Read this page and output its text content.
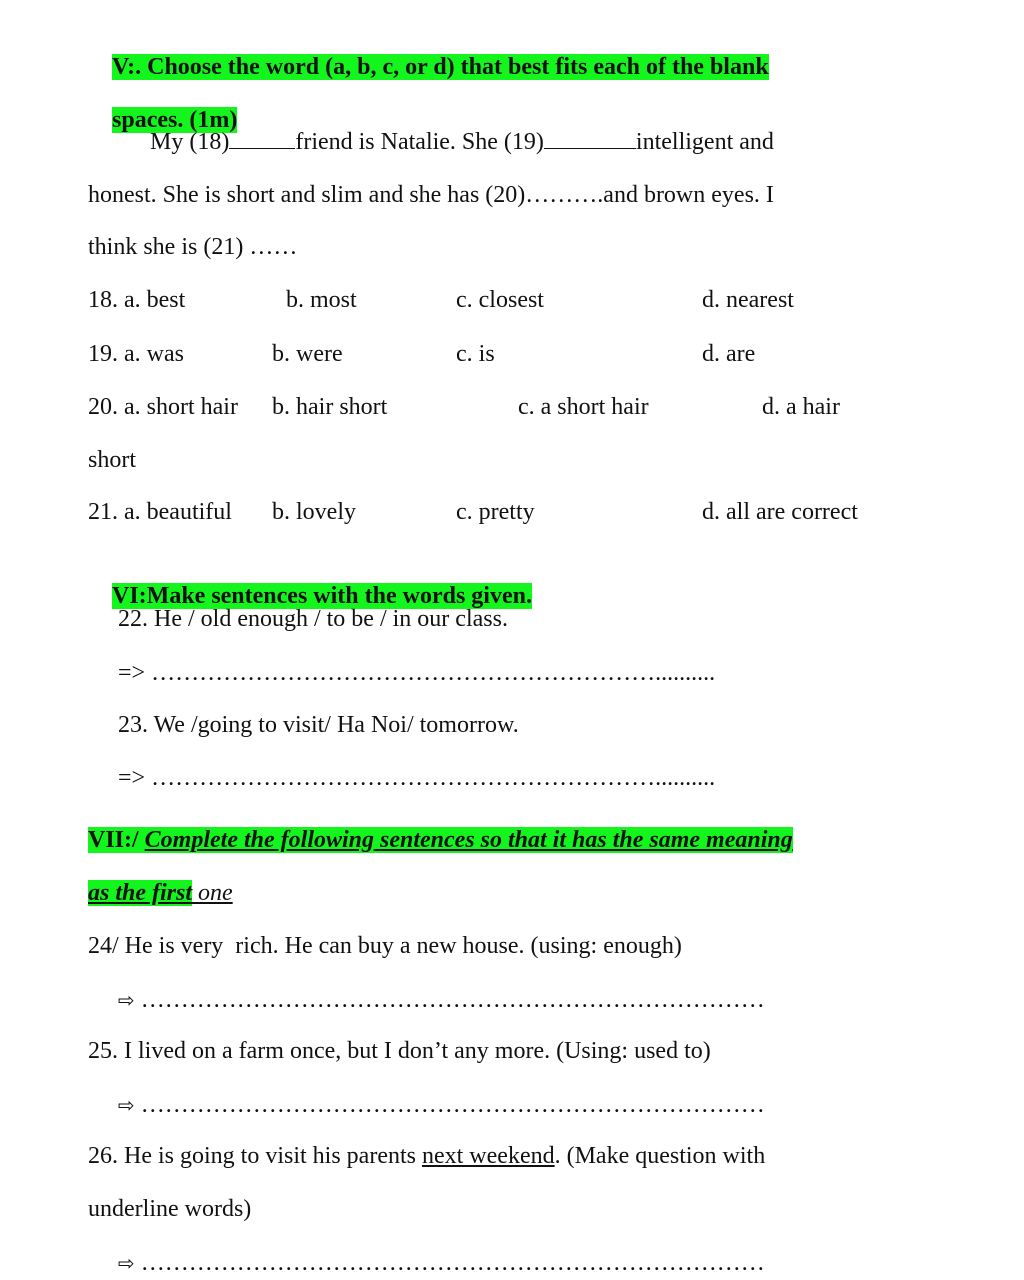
V:. Choose the word (a, b, c, or d) that best fits each of the blank

spaces. (1m)

My (18)	friend is Natalie. She (19)	intelligent and
honest. She is short and slim and she has (20)……….and brown eyes. I
think she is (21) ……
18. a. best	b. most	c. closest	d. nearest
19. a. was	b. were	c. is	d. are
20. a. short hair b. hair short	c. a short hair	d. a hair
short
21. a. beautiful b. lovely	c. pretty	d. all are correct

VI:Make sentences with the words given.

22. He / old enough / to be / in our class.
=> ………………………………………………………..........
23. We /going to visit/ Ha Noi/ tomorrow.
=> ………………………………………………………..........
VII:/ Complete the following sentences so that it has the same meaning
as the first one
24/ He is very  rich. He can buy a new house. (using: enough)
⇨ ……………………………………………………………………
25. I lived on a farm once, but I don’t any more. (Using: used to)
⇨ ……………………………………………………………………
26. He is going to visit his parents next weekend. (Make question with
underline words)
⇨ ……………………………………………………………………
